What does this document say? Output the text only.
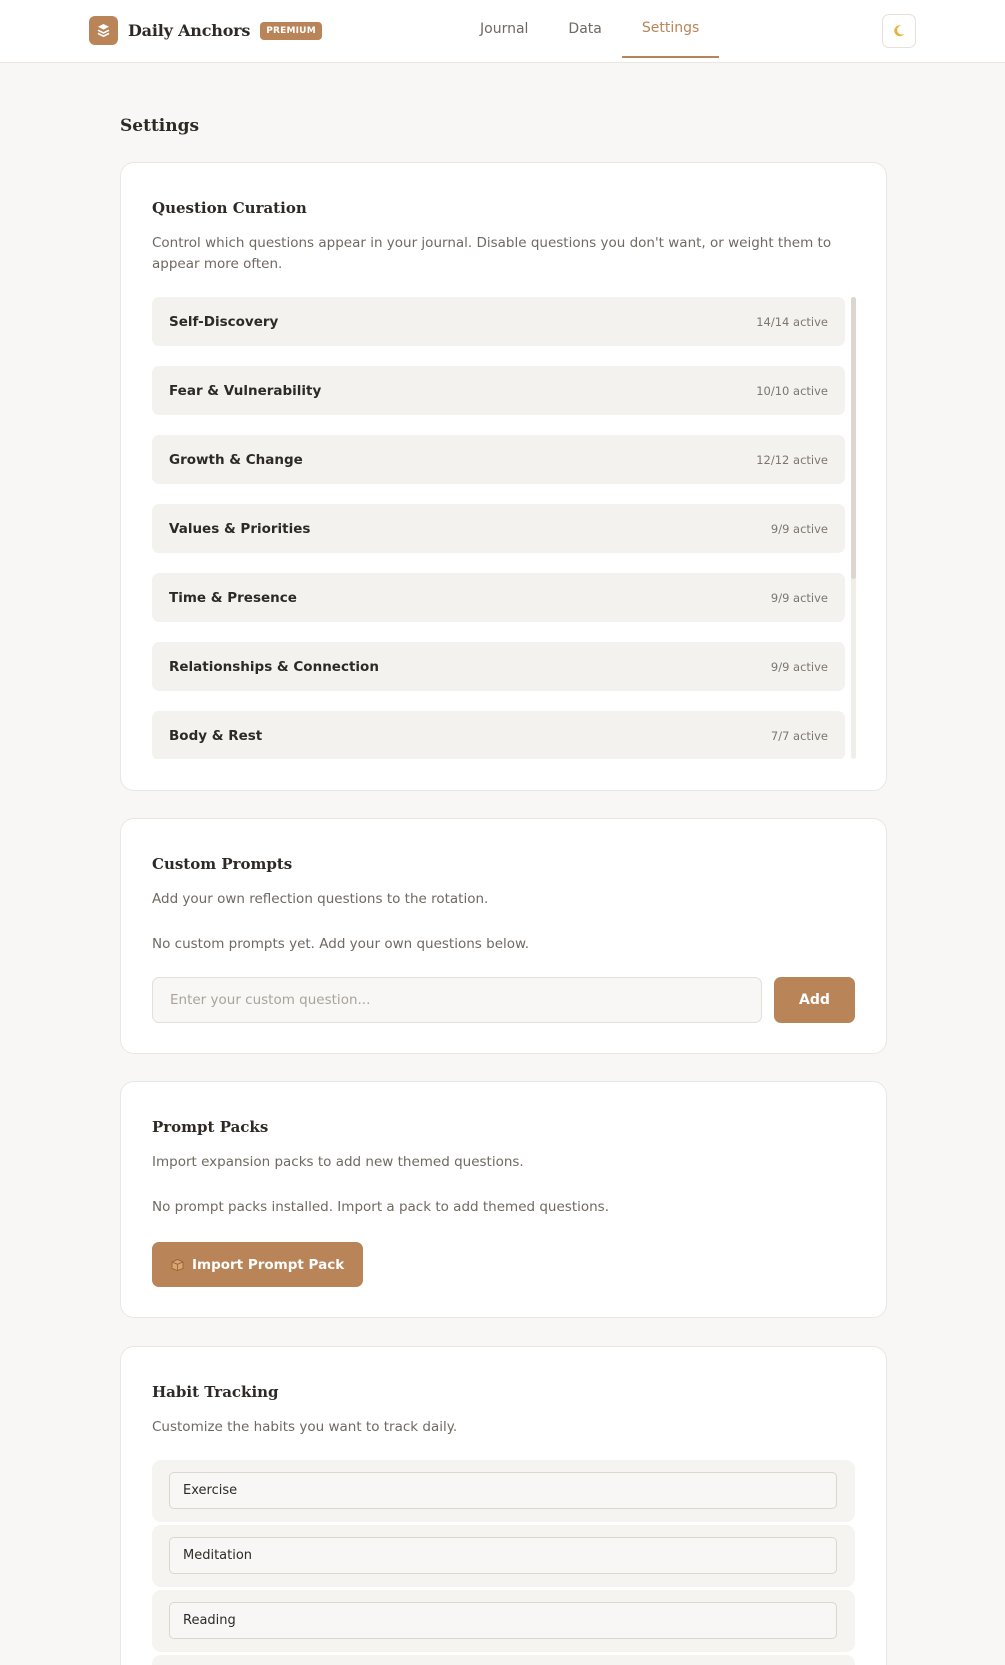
Daily Anchors	PREMIUM	Journal	Data	Settings
Settings
Question Curation

Control which questions appear in your journal. Disable questions you don't want, or weight them to appear more often.

Self-Discovery	14/14 active
Fear & Vulnerability	10/10 active
Growth & Change	12/12 active
Values & Priorities	9/9 active
Time & Presence	9/9 active
Relationships & Connection	9/9 active
Body & Rest	7/7 active
Custom Prompts

Add your own reflection questions to the rotation.

No custom prompts yet. Add your own questions below.

Enter your custom question...
Add
Prompt Packs

Import expansion packs to add new themed questions.

No prompt packs installed. Import a pack to add themed questions.

Import Prompt Pack
Habit Tracking

Customize the habits you want to track daily.

Exercise
Meditation
Reading
